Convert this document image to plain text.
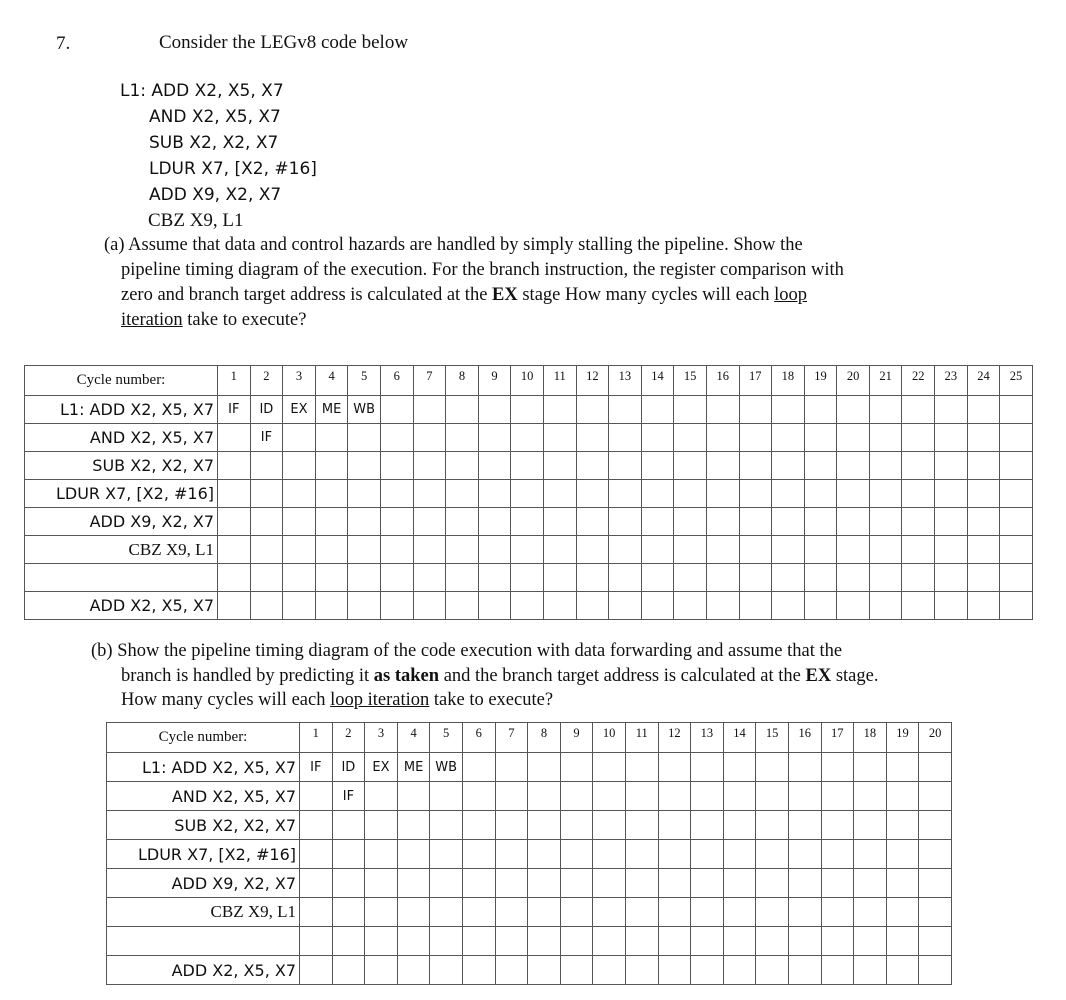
7.	Consider the LEGv8 code below
L1: ADD X2, X5, X7
AND X2, X5, X7
SUB X2, X2, X7
LDUR X7, [X2, #16]
ADD X9, X2, X7
CBZ X9, L1
(a) Assume that data and control hazards are handled by simply stalling the pipeline. Show the
pipeline timing diagram of the execution. For the branch instruction, the register comparison with
zero and branch target address is calculated at the EX stage How many cycles will each loop
iteration take to execute?
Cycle number:	1	2	3	4	5	6	7	8	9	10	11	12	13	14	15	16	17	18	19	20	21	22	23	24	25
L1: ADD X2, X5, X7	IF	ID	EX	ME	WB																				
AND X2, X5, X7		IF																							
SUB X2, X2, X7																									
LDUR X7, [X2, #16]																									
ADD X9, X2, X7																									
CBZ X9, L1																									

ADD X2, X5, X7																									
(b) Show the pipeline timing diagram of the code execution with data forwarding and assume that the
branch is handled by predicting it as taken and the branch target address is calculated at the EX stage.
How many cycles will each loop iteration take to execute?
Cycle number:	1	2	3	4	5	6	7	8	9	10	11	12	13	14	15	16	17	18	19	20
L1: ADD X2, X5, X7	IF	ID	EX	ME	WB															
AND X2, X5, X7		IF																		
SUB X2, X2, X7																				
LDUR X7, [X2, #16]																				
ADD X9, X2, X7																				
CBZ X9, L1																				

ADD X2, X5, X7																				
